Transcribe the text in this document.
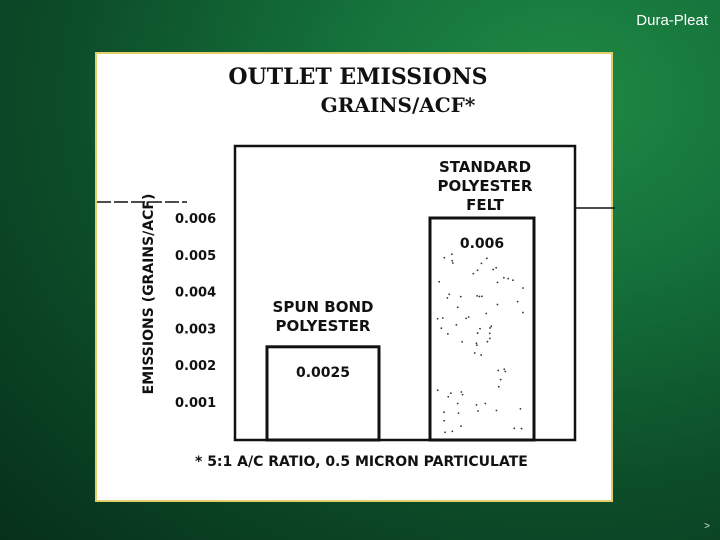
Dura-Pleat
OUTLET EMISSIONS
GRAINS/ACF*
EMISSIONS (GRAINS/ACF)
0.001
0.002
0.003
0.004
0.005
0.006
0.0025
0.006
SPUN BOND
POLYESTER
STANDARD
POLYESTER
FELT
* 5:1 A/C RATIO, 0.5 MICRON PARTICULATE
>
